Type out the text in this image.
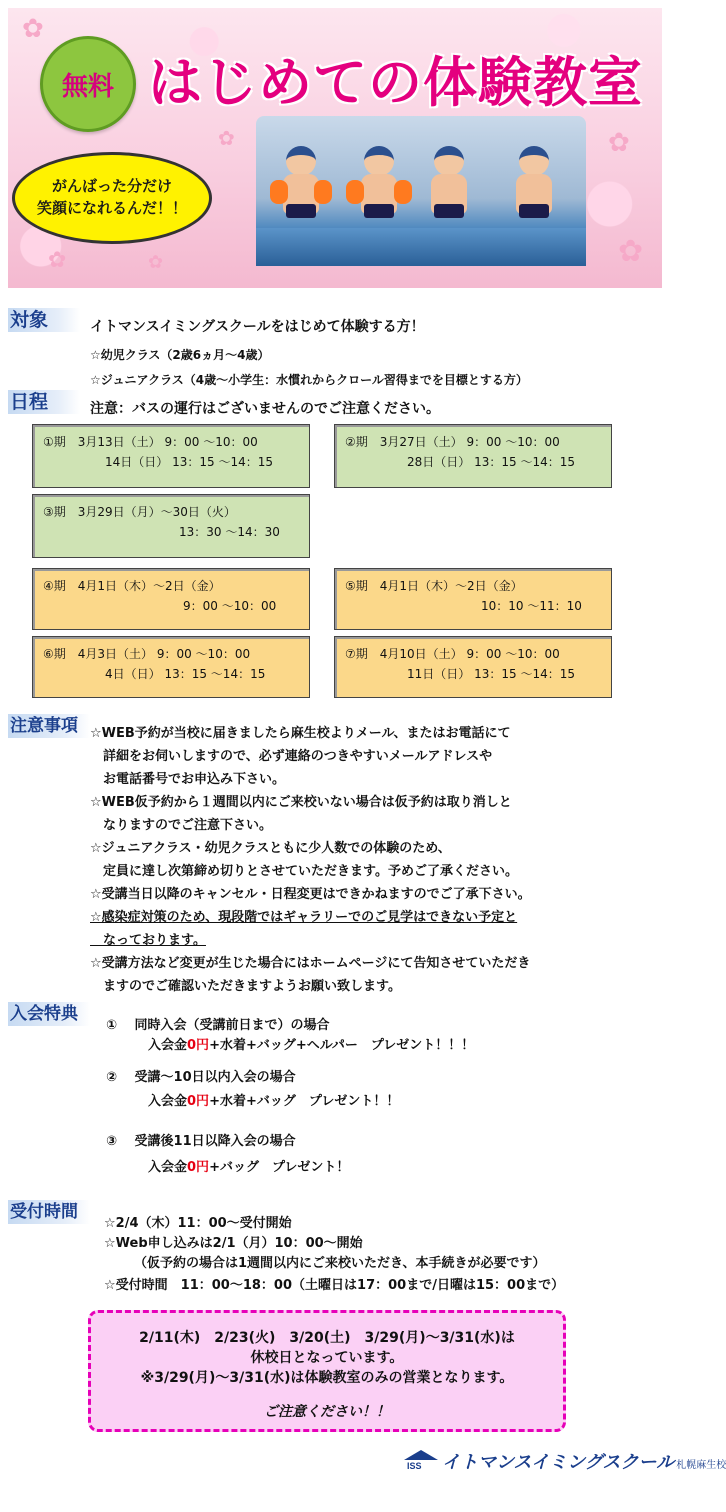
✿
✿	✿
✿
✿	✿
無料 はじめての体験教室
がんばった分だけ
笑顔になれるんだ！！
対象	イトマンスイミングスクールをはじめて体験する方！
☆幼児クラス（2歳6ヵ月～4歳）
☆ジュニアクラス（4歳～小学生：水慣れからクロール習得までを目標とする方）
日程	注意：バスの運行はございませんのでご注意ください。
①期　3月13日（土） 9：00 ～10：00
14日（日） 13：15 ～14：15
②期　3月27日（土） 9：00 ～10：00
28日（日） 13：15 ～14：15
③期　3月29日（月）～30日（火）
13：30 ～14：30
④期　4月1日（木）～2日（金）
9：00 ～10：00
⑤期　4月1日（木）～2日（金）
10：10 ～11：10
⑥期　4月3日（土） 9：00 ～10：00
4日（日） 13：15 ～14：15
⑦期　4月10日（土） 9：00 ～10：00
11日（日） 13：15 ～14：15
注意事項 ☆WEB予約が当校に届きましたら麻生校よりメール、またはお電話にて
　詳細をお伺いしますので、必ず連絡のつきやすいメールアドレスや
　お電話番号でお申込み下さい。
☆WEB仮予約から１週間以内にご来校いない場合は仮予約は取り消しと
　なりますのでご注意下さい。
☆ジュニアクラス・幼児クラスともに少人数での体験のため、
　定員に達し次第締め切りとさせていただきます。予めご了承ください。
☆受講当日以降のキャンセル・日程変更はできかねますのでご了承下さい。
☆感染症対策のため、現段階ではギャラリーでのご見学はできない予定と
　なっております。
☆受講方法など変更が生じた場合にはホームページにて告知させていただき
　ますのでご確認いただきますようお願い致します。
入会特典
①　 同時入会（受講前日まで）の場合
入会金0円+水着+バッグ+ヘルパー　プレゼント！！！
②　 受講～10日以内入会の場合
入会金0円+水着+バッグ　プレゼント！！
③　 受講後11日以降入会の場合
入会金0円+バッグ　プレゼント！
受付時間
☆2/4（木）11：00～受付開始
☆Web申し込みは2/1（月）10：00～開始
（仮予約の場合は1週間以内にご来校いただき、本手続きが必要です）
☆受付時間　11：00～18：00（土曜日は17：00まで/日曜は15：00まで）
2/11(木)　2/23(火)　3/20(土)　3/29(月)～3/31(水)は
休校日となっています。
※3/29(月)～3/31(水)は体験教室のみの営業となります。
ご注意ください！！
ISS イトマンスイミングスクール 札幌麻生校
